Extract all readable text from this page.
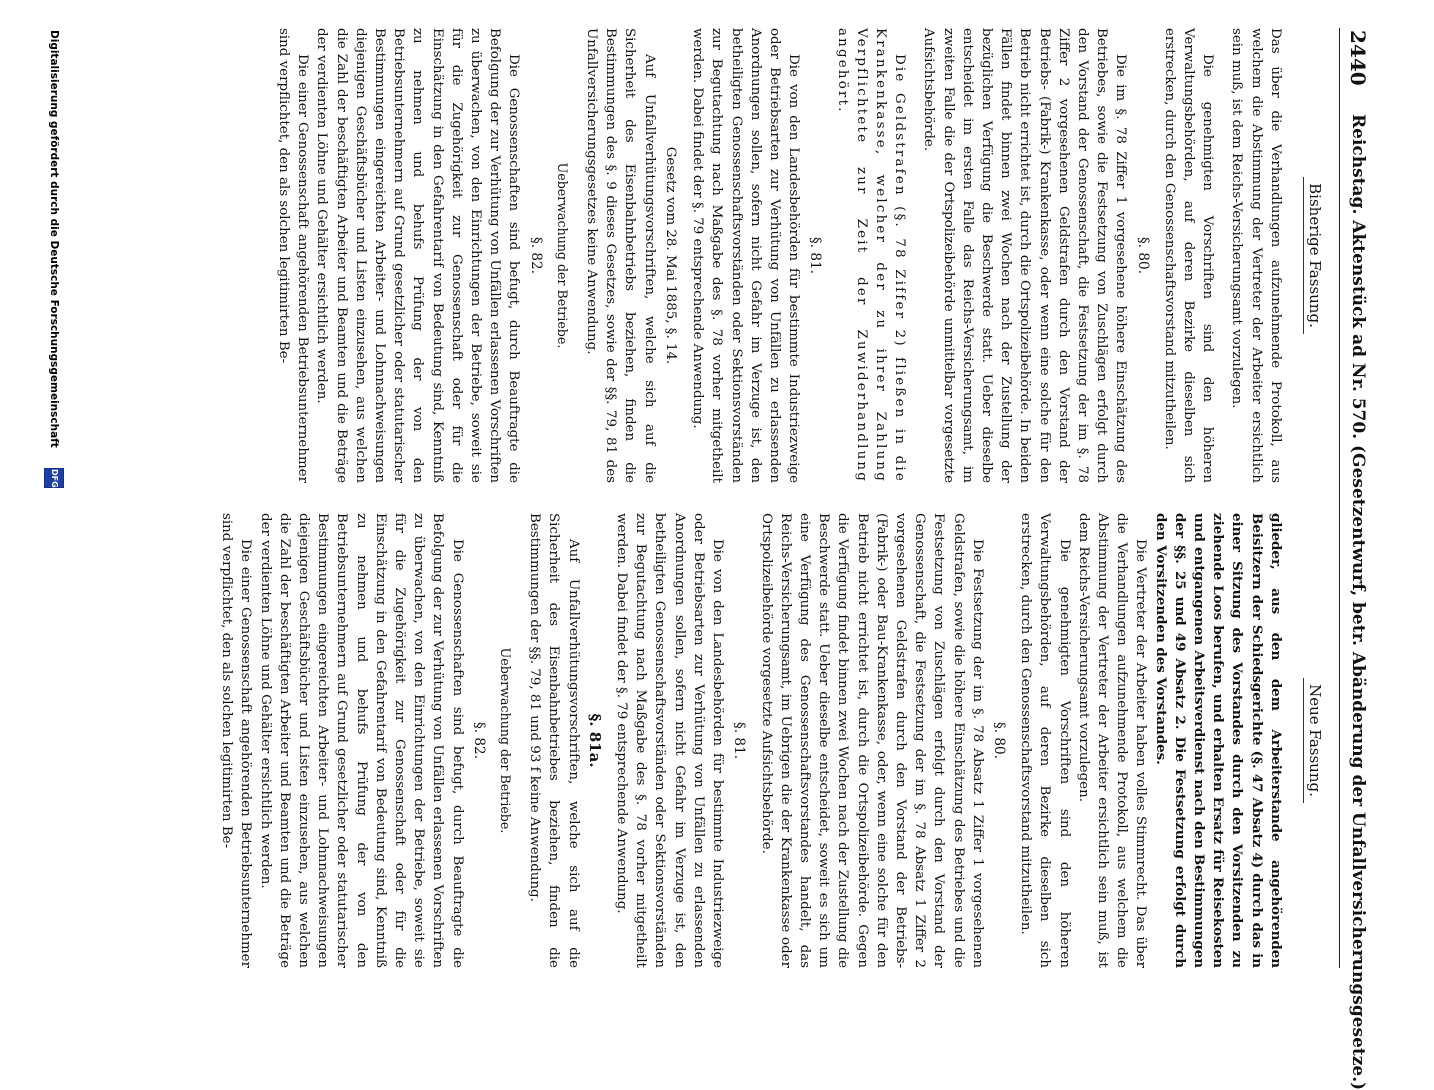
2440
Reichstag. Aktenstück ad Nr. 570. (Gesetzentwurf, betr. Abänderung der Unfallversicherungsgesetze.)
Bisherige Fassung.

Das über die Verhandlungen aufzunehmende Protokoll, aus welchem die Abstimmung der Vertreter der Arbeiter ersichtlich sein muß, ist dem Reichs-Versicherungsamt vorzulegen.

Die genehmigten Vorschriften sind den höheren Verwaltungsbehörden, auf deren Bezirke dieselben sich erstrecken, durch den Genossenschaftsvorstand mitzutheilen.

§. 80.

Die im §. 78 Ziffer 1 vorgesehene höhere Einschätzung des Betriebes, sowie die Festsetzung von Zuschlägen erfolgt durch den Vorstand der Genossenschaft, die Festsetzung der im §. 78 Ziffer 2 vorgesehenen Geldstrafen durch den Vorstand der Betriebs- (Fabrik-) Krankenkasse, oder wenn eine solche für den Betrieb nicht errichtet ist, durch die Ortspolizeibehörde. In beiden Fällen findet binnen zwei Wochen nach der Zustellung der bezüglichen Verfügung die Beschwerde statt. Ueber dieselbe entscheidet im ersten Falle das Reichs-Versicherungsamt, im zweiten Falle die der Ortspolizeibehörde unmittelbar vorgesetzte Aufsichtsbehörde.

Die Geldstrafen (§. 78 Ziffer 2) fließen in die Krankenkasse, welcher der zu ihrer Zahlung Verpflichtete zur Zeit der Zuwiderhandlung angehört.

§. 81.

Die von den Landesbehörden für bestimmte Industriezweige oder Betriebsarten zur Verhütung von Unfällen zu erlassenden Anordnungen sollen, sofern nicht Gefahr im Verzuge ist, den betheiligten Genossenschaftsvorständen oder Sektionsvorständen zur Begutachtung nach Maßgabe des §. 78 vorher mitgetheilt werden. Dabei findet der §. 79 entsprechende Anwendung.

Gesetz vom 28. Mai 1885, §. 14.

Auf Unfallverhütungsvorschriften, welche sich auf die Sicherheit des Eisenbahnbetriebs beziehen, finden die Bestimmungen des §. 9 dieses Gesetzes, sowie der §§. 79, 81 des Unfallversicherungsgesetzes keine Anwendung.

Ueberwachung der Betriebe.
§. 82.

Die Genossenschaften sind befugt, durch Beauftragte die Befolgung der zur Verhütung von Unfällen erlassenen Vorschriften zu überwachen, von den Einrichtungen der Betriebe, soweit sie für die Zugehörigkeit zur Genossenschaft oder für die Einschätzung in den Gefahrentarif von Bedeutung sind, Kenntniß zu nehmen und behufs Prüfung der von den Betriebsunternehmern auf Grund gesetzlicher oder statutarischer Bestimmungen eingereichten Arbeiter- und Lohnnachweisungen diejenigen Geschäftsbücher und Listen einzusehen, aus welchen die Zahl der beschäftigten Arbeiter und Beamten und die Beträge der verdienten Löhne und Gehälter ersichtlich werden.

Die einer Genossenschaft angehörenden Betriebsunternehmer sind verpflichtet, den als solchen legitimirten Be-

Neue Fassung.

glieder, aus den dem Arbeiterstande angehörenden Beisitzern der Schiedsgerichte (§. 47 Absatz 4) durch das in einer Sitzung des Vorstandes durch den Vorsitzenden zu ziehende Loos berufen, und erhalten Ersatz für Reisekosten und entgangenen Arbeitsverdienst nach den Bestimmungen der §§. 25 und 49 Absatz 2. Die Festsetzung erfolgt durch den Vorsitzenden des Vorstandes.

Die Vertreter der Arbeiter haben volles Stimmrecht. Das über die Verhandlungen aufzunehmende Protokoll, aus welchem die Abstimmung der Vertreter der Arbeiter ersichtlich sein muß, ist dem Reichs-Versicherungsamt vorzulegen.

Die genehmigten Vorschriften sind den höheren Verwaltungsbehörden, auf deren Bezirke dieselben sich erstrecken, durch den Genossenschaftsvorstand mitzutheilen.

§. 80.

Die Festsetzung der im §. 78 Absatz 1 Ziffer 1 vorgesehenen Geldstrafen, sowie die höhere Einschätzung des Betriebes und die Festsetzung von Zuschlägen erfolgt durch den Vorstand der Genossenschaft, die Festsetzung der im §. 78 Absatz 1 Ziffer 2 vorgesehenen Geldstrafen durch den Vorstand der Betriebs- (Fabrik-) oder Bau-Krankenkasse, oder, wenn eine solche für den Betrieb nicht errichtet ist, durch die Ortspolizeibehörde. Gegen die Verfügung findet binnen zwei Wochen nach der Zustellung die Beschwerde statt. Ueber dieselbe entscheidet, soweit es sich um eine Verfügung des Genossenschaftsvorstandes handelt, das Reichs-Versicherungsamt, im Uebrigen die der Krankenkasse oder Ortspolizeibehörde vorgesetzte Aufsichtsbehörde.

§. 81.

Die von den Landesbehörden für bestimmte Industriezweige oder Betriebsarten zur Verhütung von Unfällen zu erlassenden Anordnungen sollen, sofern nicht Gefahr im Verzuge ist, den betheiligten Genossenschaftsvorständen oder Sektionsvorständen zur Begutachtung nach Maßgabe des §. 78 vorher mitgetheilt werden. Dabei findet der §. 79 entsprechende Anwendung.

§. 81a.

Auf Unfallverhütungsvorschriften, welche sich auf die Sicherheit des Eisenbahnbetriebes beziehen, finden die Bestimmungen der §§. 79, 81 und 93 f keine Anwendung.

Ueberwachung der Betriebe.
§. 82.

Die Genossenschaften sind befugt, durch Beauftragte die Befolgung der zur Verhütung von Unfällen erlassenen Vorschriften zu überwachen, von den Einrichtungen der Betriebe, soweit sie für die Zugehörigkeit zur Genossenschaft oder für die Einschätzung in den Gefahrentarif von Bedeutung sind, Kenntniß zu nehmen und behufs Prüfung der von den Betriebsunternehmern auf Grund gesetzlicher oder statutarischer Bestimmungen eingereichten Arbeiter- und Lohnnachweisungen diejenigen Geschäftsbücher und Listen einzusehen, aus welchen die Zahl der beschäftigten Arbeiter und Beamten und die Beträge der verdienten Löhne und Gehälter ersichtlich werden.

Die einer Genossenschaft angehörenden Betriebsunternehmer sind verpflichtet, den als solchen legitimirten Be-

Digitalisierung gefördert durch die Deutsche Forschungsgemeinschaft
DFG
